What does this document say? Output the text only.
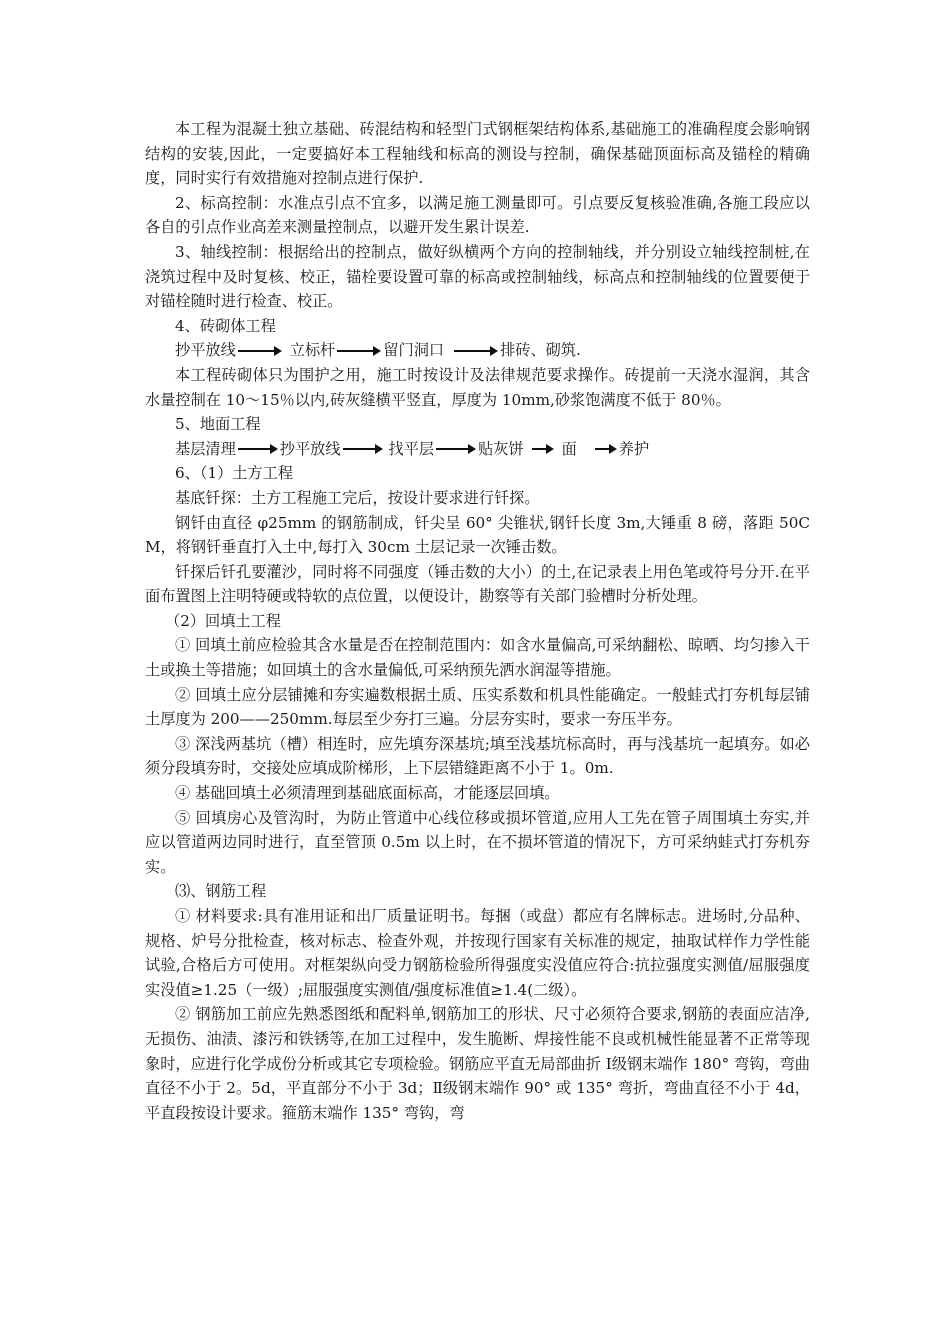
本工程为混凝土独立基础、砖混结构和轻型门式钢框架结构体系,基础施工的准确程度会影响钢结构的安装,因此，一定要搞好本工程轴线和标高的测设与控制，确保基础顶面标高及锚栓的精确度，同时实行有效措施对控制点进行保护.

2、标高控制：水准点引点不宜多，以满足施工测量即可。引点要反复核验准确,各施工段应以各自的引点作业高差来测量控制点，以避开发生累计误差.

3、轴线控制：根据给出的控制点，做好纵横两个方向的控制轴线，并分别设立轴线控制桩,在浇筑过程中及时复核、校正，锚栓要设置可靠的标高或控制轴线，标高点和控制轴线的位置要便于对锚栓随时进行检查、校正。

4、砖砌体工程

抄平放线	立标杆	留门洞口	排砖、砌筑.

本工程砖砌体只为围护之用，施工时按设计及法律规范要求操作。砖提前一天浇水湿润，其含水量控制在 10～15％以内,砖灰缝横平竖直，厚度为 10mm,砂浆饱满度不低于 80％。

5、地面工程

基层清理	抄平放线	找平层	贴灰饼	面	养护

6、（1）土方工程

基底钎探：土方工程施工完后，按设计要求进行钎探。

钢钎由直径 φ25mm 的钢筋制成，钎尖呈 60° 尖锥状,钢钎长度 3m,大锤重 8 磅，落距 50CM，将钢钎垂直打入土中,每打入 30cm 土层记录一次锤击数。

钎探后钎孔要灌沙，同时将不同强度（锤击数的大小）的土,在记录表上用色笔或符号分开.在平面布置图上注明特硬或特软的点位置，以便设计，勘察等有关部门验槽时分析处理。

（2）回填土工程

① 回填土前应检验其含水量是否在控制范围内：如含水量偏高,可采纳翻松、晾晒、均匀掺入干土或换土等措施；如回填土的含水量偏低,可采纳预先洒水润湿等措施。

② 回填土应分层铺摊和夯实遍数根据土质、压实系数和机具性能确定。一般蛙式打夯机每层铺土厚度为 200——250mm.每层至少夯打三遍。分层夯实时，要求一夯压半夯。

③ 深浅两基坑（槽）相连时，应先填夯深基坑;填至浅基坑标高时，再与浅基坑一起填夯。如必须分段填夯时，交接处应填成阶梯形，上下层错缝距离不小于 1。0m.

④ 基础回填土必须清理到基础底面标高，才能逐层回填。

⑤ 回填房心及管沟时，为防止管道中心线位移或损坏管道,应用人工先在管子周围填土夯实,并应以管道两边同时进行，直至管顶 0.5m 以上时，在不损坏管道的情况下，方可采纳蛙式打夯机夯实。

⑶、钢筋工程

① 材料要求:具有准用证和出厂质量证明书。每捆（或盘）都应有名牌标志。进场时,分品种、规格、炉号分批检查，核对标志、检查外观，并按现行国家有关标准的规定，抽取试样作力学性能试验,合格后方可使用。对框架纵向受力钢筋检验所得强度实没值应符合:抗拉强度实测值/屈服强度实没值≥1.25（一级）;屈服强度实测值/强度标准值≥1.4(二级）。

② 钢筋加工前应先熟悉图纸和配料单,钢筋加工的形状、尺寸必须符合要求,钢筋的表面应洁净,无损伤、油渍、漆污和铁锈等,在加工过程中，发生脆断、焊接性能不良或机械性能显著不正常等现象时，应进行化学成份分析或其它专项检验。钢筋应平直无局部曲折 Ⅰ级钢末端作 180° 弯钩，弯曲直径不小于 2。5d，平直部分不小于 3d；Ⅱ级钢末端作 90° 或 135° 弯折，弯曲直径不小于 4d，平直段按设计要求。箍筋末端作 135° 弯钩，弯
